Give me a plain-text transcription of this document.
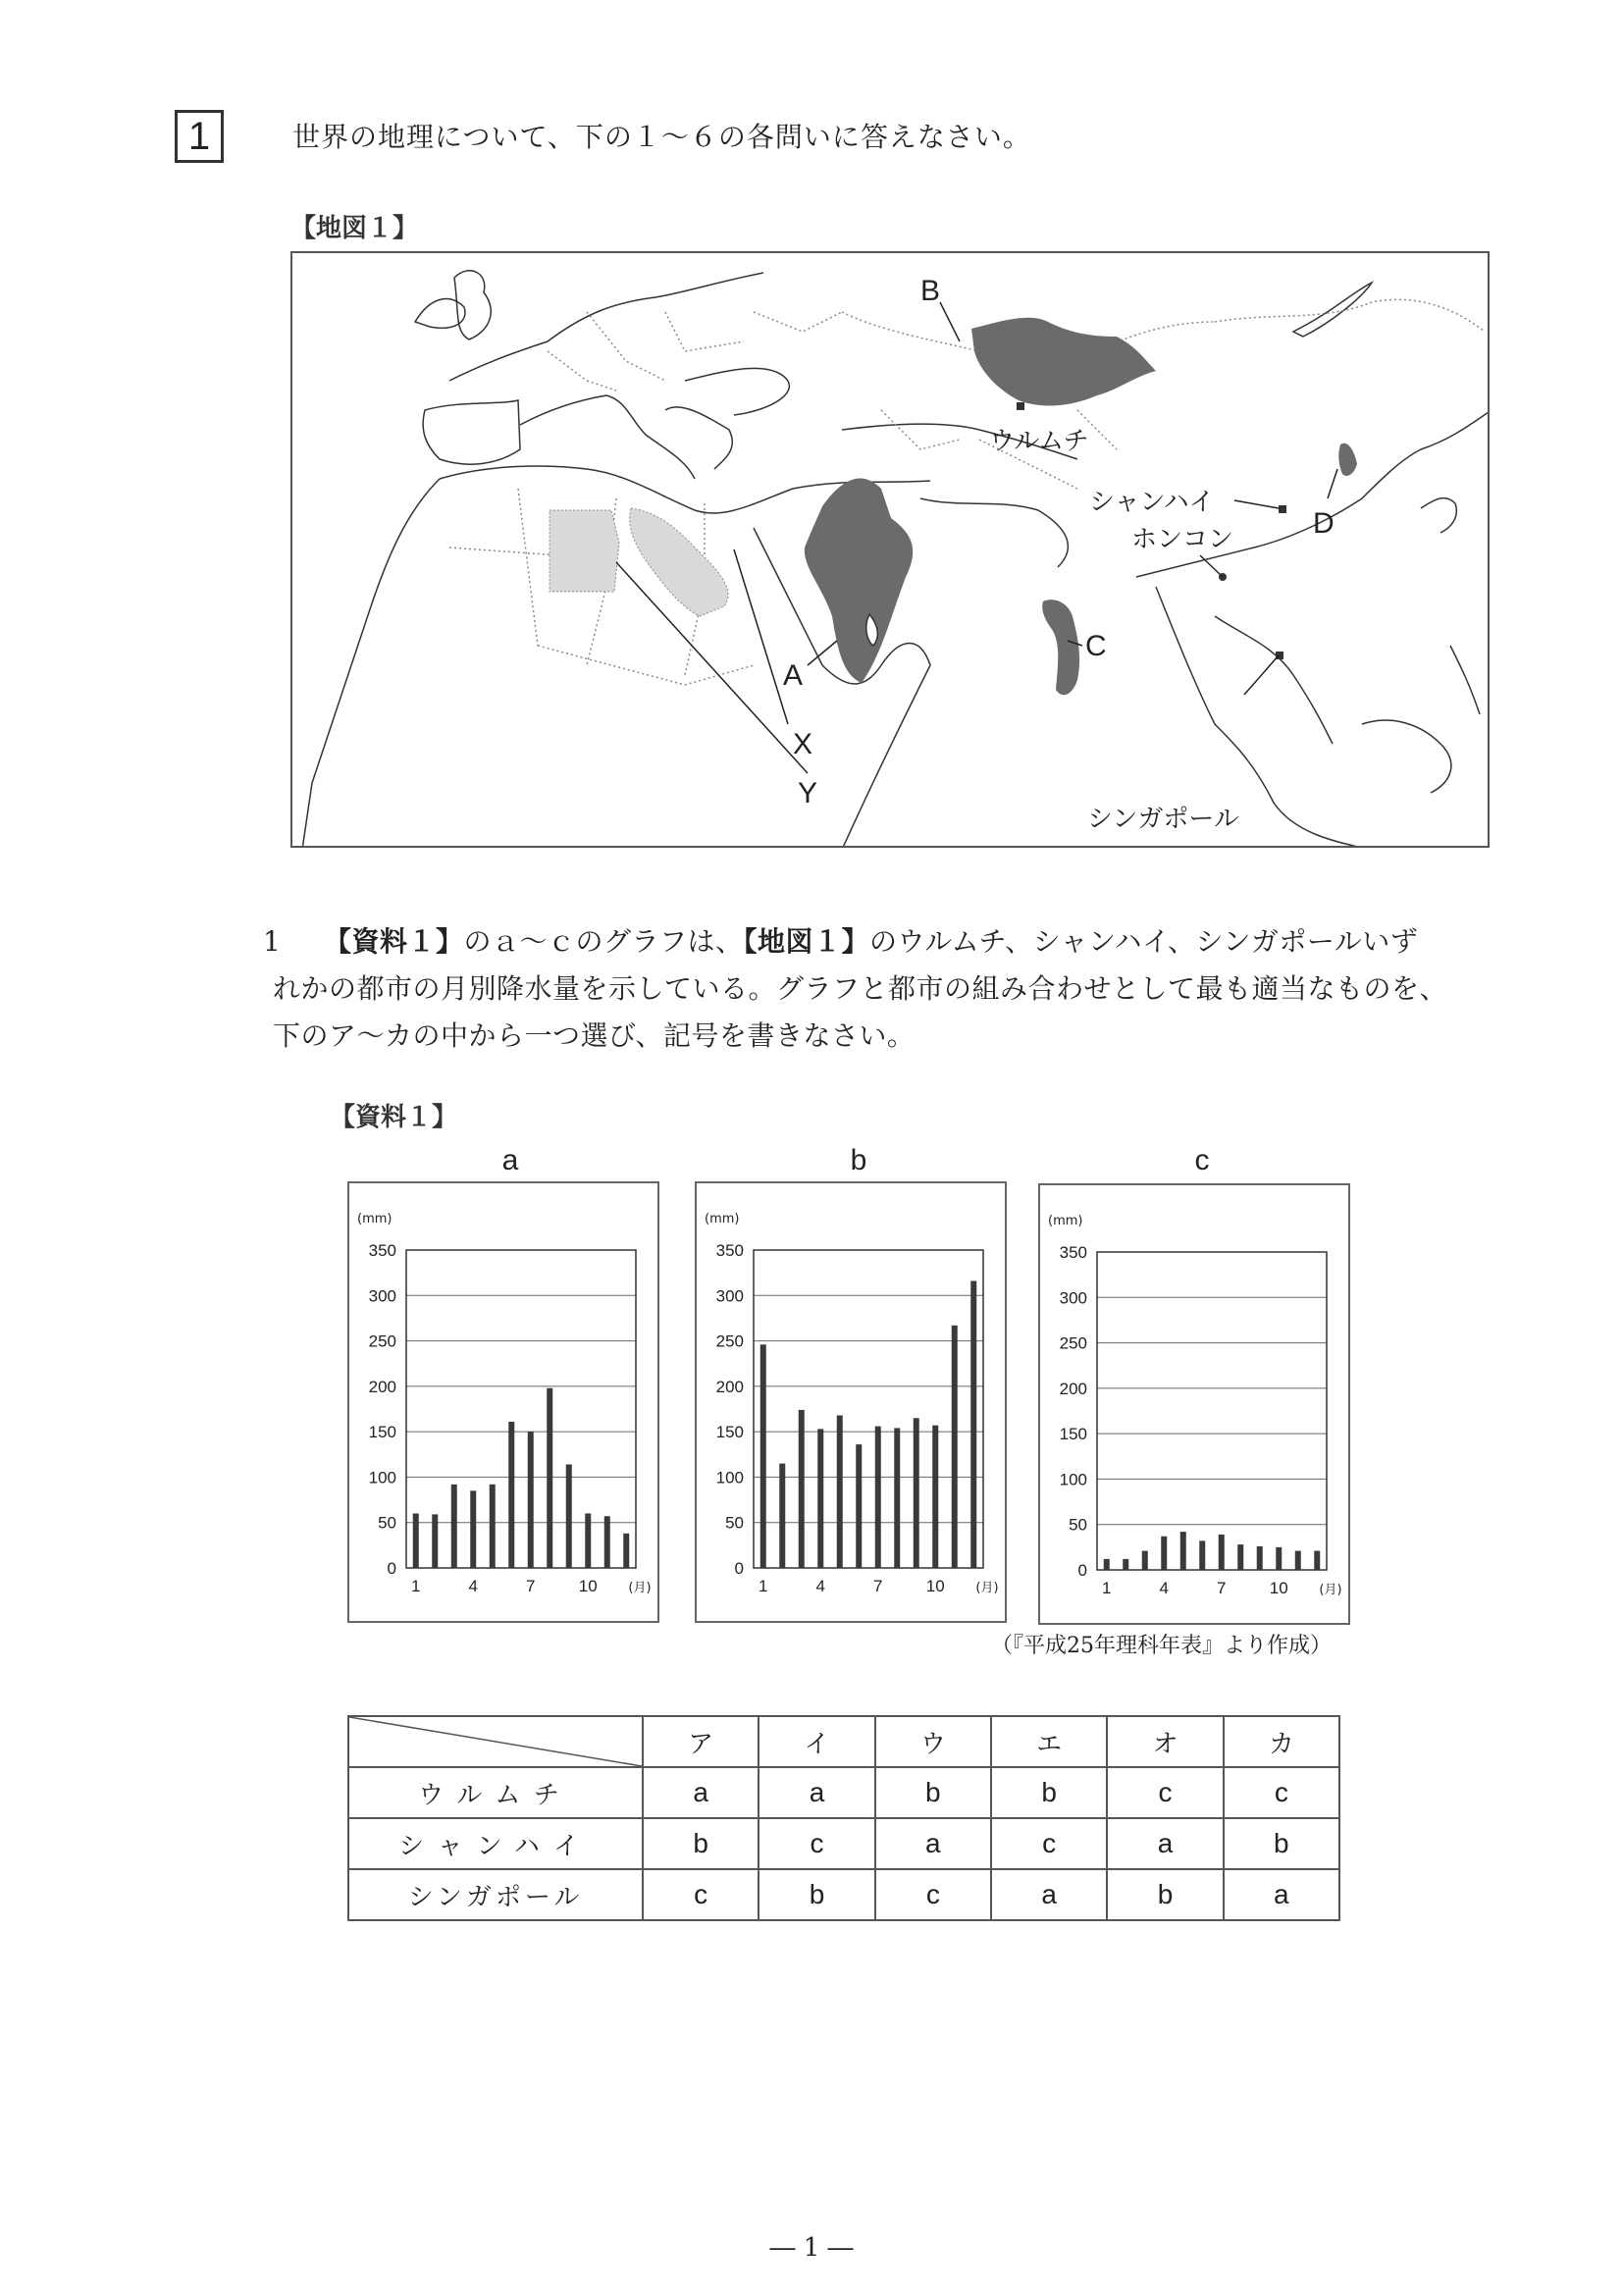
1	世界の地理について、下の１～６の各問いに答えなさい。
【地図１】
B
D
C
A
X
Y
ウルムチ
シャンハイ
ホンコン
シンガポール
1 【資料１】のａ～ｃのグラフは、【地図１】のウルムチ、シャンハイ、シンガポールいず
れかの都市の月別降水量を示している。グラフと都市の組み合わせとして最も適当なものを、
下のア～カの中から一つ選び、記号を書きなさい。
【資料１】
a	b	c
(mm)
0
50
100
150
200
250
300
350
1	4	7	10 (月)
(mm)
0
50
100
150
200
250
300
350
1	4	7	10 (月)
(mm)
0
50
100
150
200
250
300
350
1	4	7	10 (月)
（『平成25年理科年表』より作成）
	ア	イ	ウ	エ	オ	カ
ウルムチ	a	a	b	b	c	c
シャンハイ	b	c	a	c	a	b
シンガポール	c	b	c	a	b	a
― 1 ―
